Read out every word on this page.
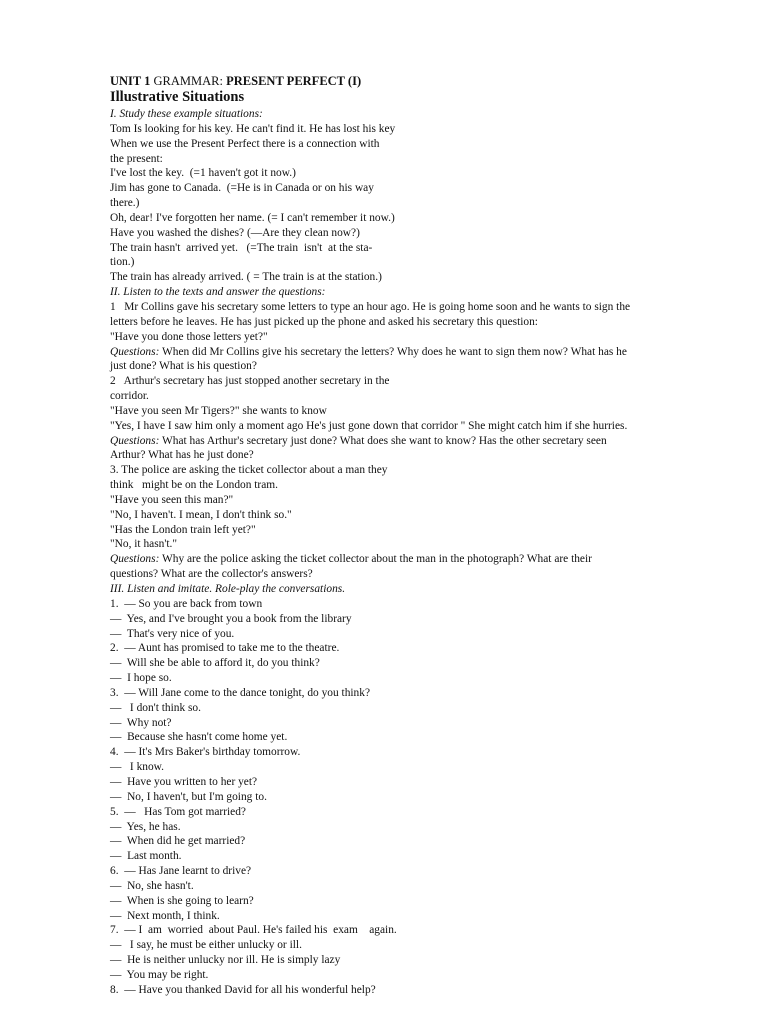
UNIT 1 GRAMMAR: PRESENT PERFECT (I)
Illustrative Situations
I. Study these example situations:
Tom Is looking for his key. He can't find it. He has lost his key
When we use the Present Perfect there is a connection with
the present:
I've lost the key.  (=1 haven't got it now.)
Jim has gone to Canada.  (=He is in Canada or on his way
there.)
Oh, dear! I've forgotten her name. (= I can't remember it now.)
Have you washed the dishes? (—Are they clean now?)
The train hasn't  arrived yet.   (=The train  isn't  at the sta-
tion.)
The train has already arrived. ( = The train is at the station.)
II. Listen to the texts and answer the questions:
1   Mr Collins gave his secretary some letters to type an hour ago. He is going home soon and he wants to sign the
letters before he leaves. He has just picked up the phone and asked his secretary this question:
"Have you done those letters yet?"
Questions: When did Mr Collins give his secretary the letters? Why does he want to sign them now? What has he
just done? What is his question?
2   Arthur's secretary has just stopped another secretary in the
corridor.
"Have you seen Mr Tigers?" she wants to know
"Yes, I have I saw him only a moment ago He's just gone down that corridor " She might catch him if she hurries.
Questions: What has Arthur's secretary just done? What does she want to know? Has the other secretary seen
Arthur? What has he just done?
3. The police are asking the ticket collector about a man they
think   might be on the London tram.
"Have you seen this man?"
"No, I haven't. I mean, I don't think so."
"Has the London train left yet?"
"No, it hasn't."
Questions: Why are the police asking the ticket collector about the man in the photograph? What are their
questions? What are the collector's answers?
III. Listen and imitate. Role-play the conversations.
1.  — So you are back from town
—  Yes, and I've brought you a book from the library
—  That's very nice of you.
2.  — Aunt has promised to take me to the theatre.
—  Will she be able to afford it, do you think?
—  I hope so.
3.  — Will Jane come to the dance tonight, do you think?
—   I don't think so.
—  Why not?
—  Because she hasn't come home yet.
4.  — It's Mrs Baker's birthday tomorrow.
—   I know.
—  Have you written to her yet?
—  No, I haven't, but I'm going to.
5.  —   Has Tom got married?
—  Yes, he has.
—  When did he get married?
—  Last month.
6.  — Has Jane learnt to drive?
—  No, she hasn't.
—  When is she going to learn?
—  Next month, I think.
7.  — I  am  worried  about Paul. He's failed his  exam    again.
—   I say, he must be either unlucky or ill.
—  He is neither unlucky nor ill. He is simply lazy
—  You may be right.
8.  — Have you thanked David for all his wonderful help?
